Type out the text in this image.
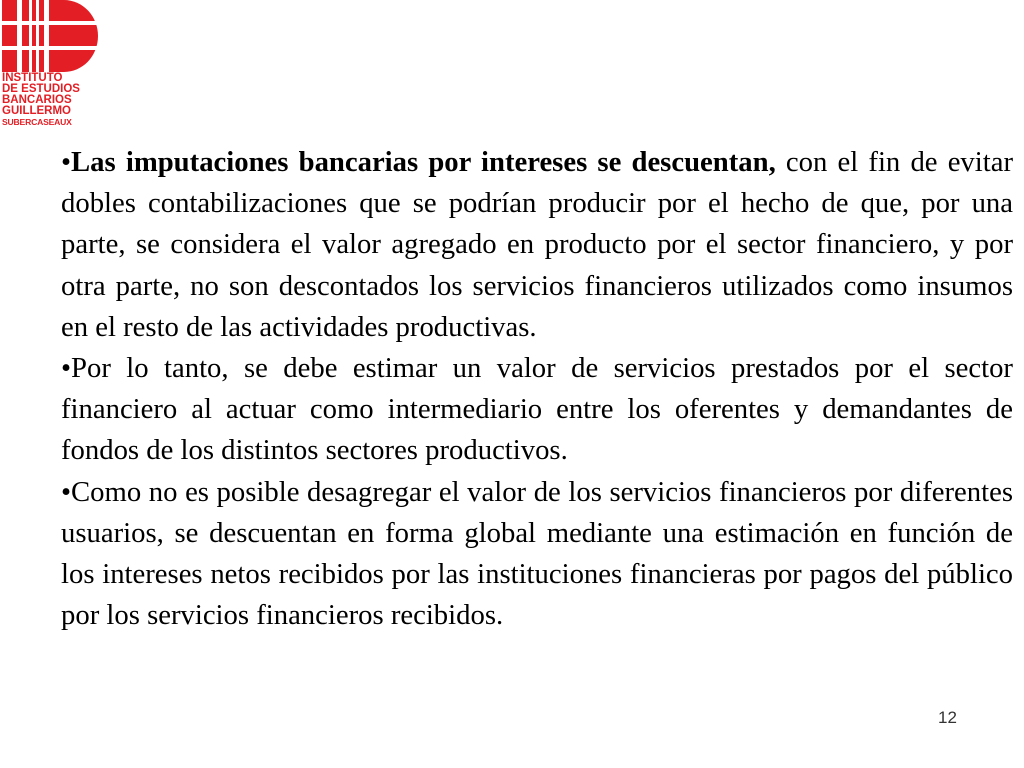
INSTITUTO
DE ESTUDIOS
BANCARIOS
GUILLERMO
SUBERCASEAUX

•Las imputaciones bancarias por intereses se descuentan, con el fin de evitar dobles contabilizaciones que se podrían producir por el hecho de que, por una parte, se considera el valor agregado en producto por el sector financiero, y por otra parte, no son descontados los servicios financieros utilizados como insumos en el resto de las actividades productivas.

•Por lo tanto, se debe estimar un valor de servicios prestados por el sector financiero al actuar como intermediario entre los oferentes y demandantes de fondos de los distintos sectores productivos.

•Como no es posible desagregar el valor de los servicios financieros por diferentes usuarios, se descuentan en forma global mediante una estimación en función de los intereses netos recibidos por las instituciones financieras por pagos del público por los servicios financieros recibidos.

12
